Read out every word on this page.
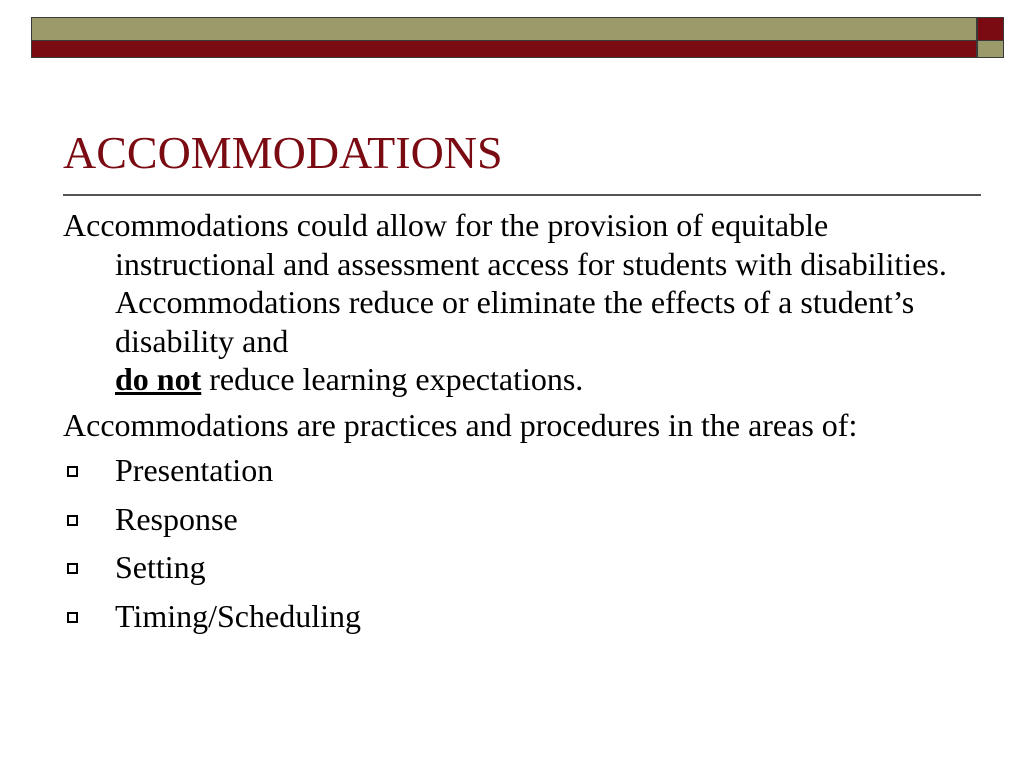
ACCOMMODATIONS

Accommodations could allow for the provision of equitable instructional and assessment access for students with disabilities. Accommodations reduce or eliminate the effects of a student’s disability and
do not reduce learning expectations.

Accommodations are practices and procedures in the areas of:

Presentation
Response
Setting
Timing/Scheduling
